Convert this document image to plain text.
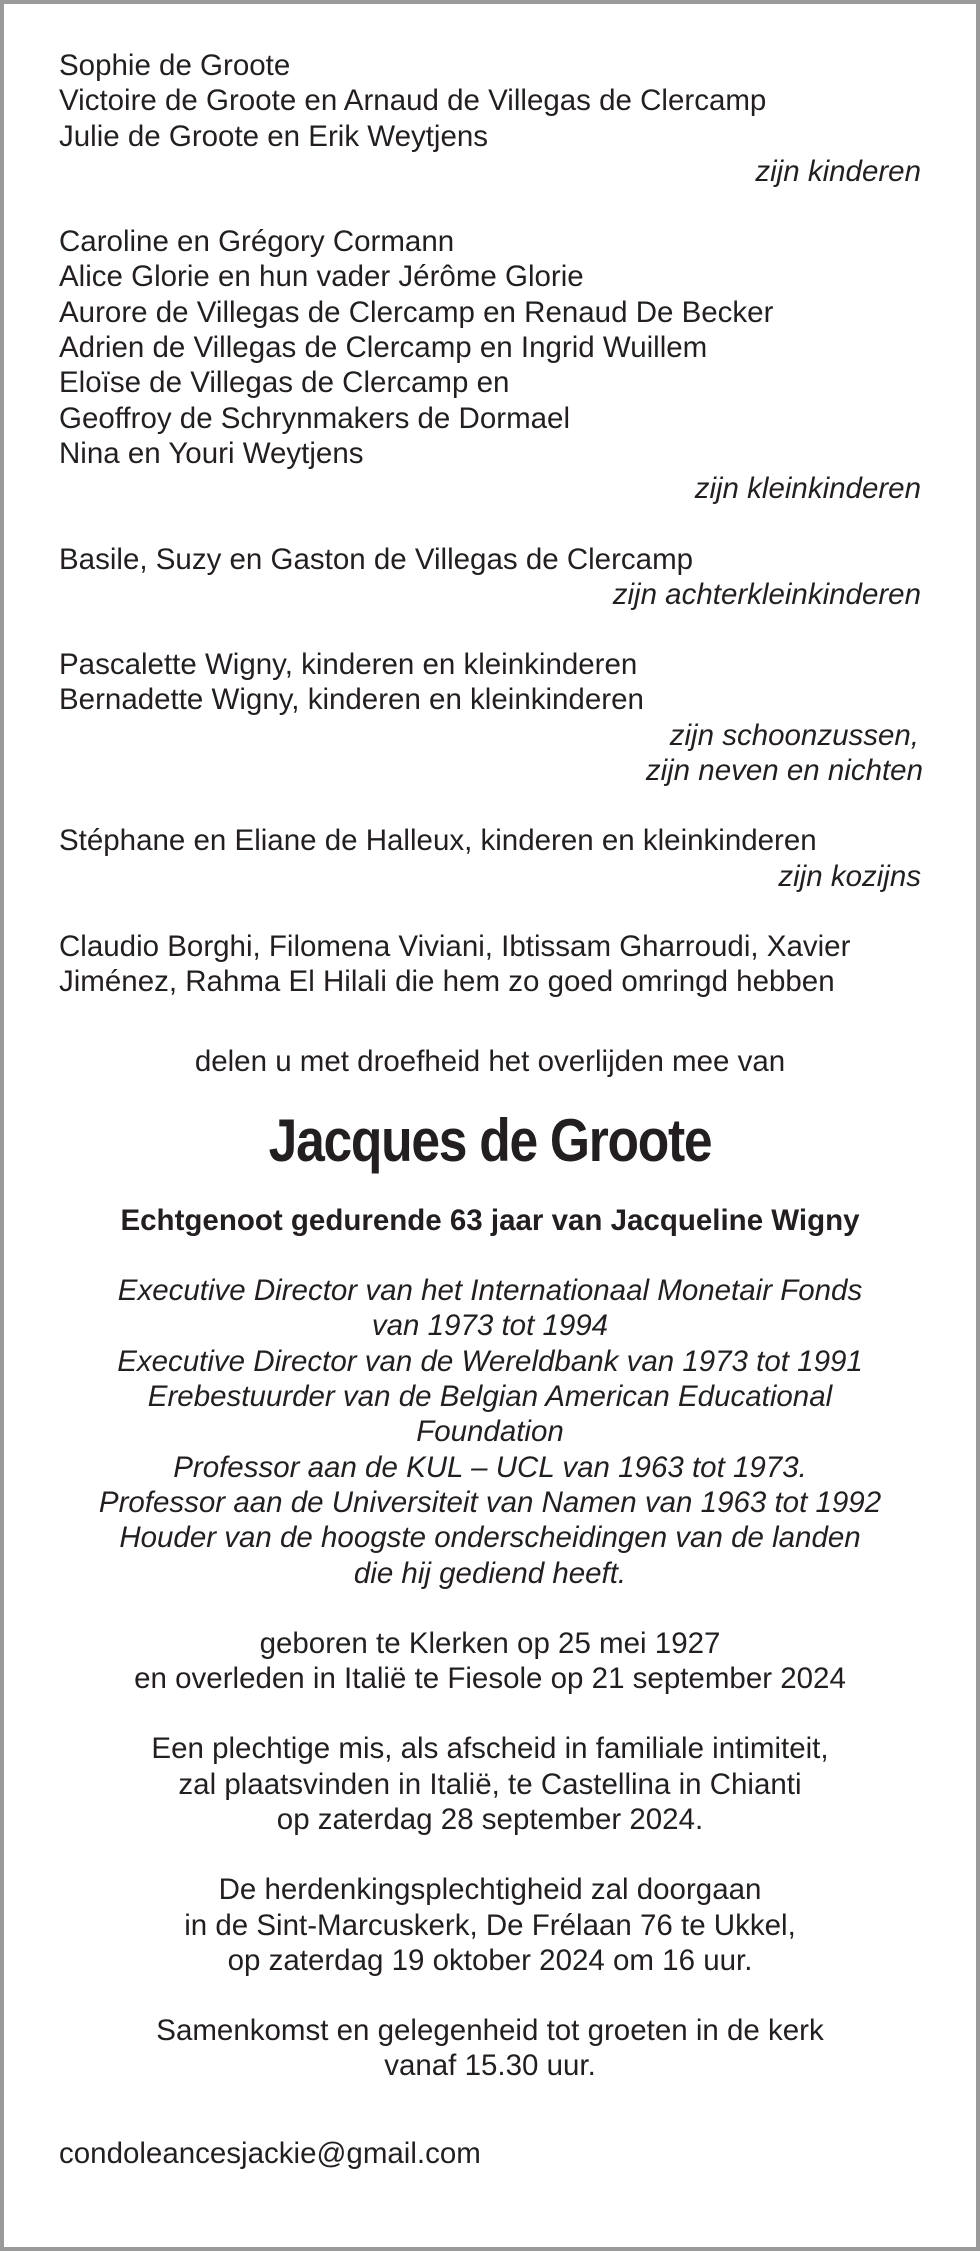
Sophie de Groote
Victoire de Groote en Arnaud de Villegas de Clercamp
Julie de Groote en Erik Weytjens
zijn kinderen
Caroline en Grégory Cormann
Alice Glorie en hun vader Jérôme Glorie
Aurore de Villegas de Clercamp en Renaud De Becker
Adrien de Villegas de Clercamp en Ingrid Wuillem
Eloïse de Villegas de Clercamp en
Geoffroy de Schrynmakers de Dormael
Nina en Youri Weytjens
zijn kleinkinderen
Basile, Suzy en Gaston de Villegas de Clercamp
zijn achterkleinkinderen
Pascalette Wigny, kinderen en kleinkinderen
Bernadette Wigny, kinderen en kleinkinderen
zijn schoonzussen,
zijn neven en nichten
Stéphane en Eliane de Halleux, kinderen en kleinkinderen
zijn kozijns
Claudio Borghi, Filomena Viviani, Ibtissam Gharroudi, Xavier
Jiménez, Rahma El Hilali die hem zo goed omringd hebben
delen u met droefheid het overlijden mee van
Jacques de Groote
Echtgenoot gedurende 63 jaar van Jacqueline Wigny
Executive Director van het Internationaal Monetair Fonds
van 1973 tot 1994
Executive Director van de Wereldbank van 1973 tot 1991
Erebestuurder van de Belgian American Educational
Foundation
Professor aan de KUL – UCL van 1963 tot 1973.
Professor aan de Universiteit van Namen van 1963 tot 1992
Houder van de hoogste onderscheidingen van de landen
die hij gediend heeft.
geboren te Klerken op 25 mei 1927
en overleden in Italië te Fiesole op 21 september 2024
Een plechtige mis, als afscheid in familiale intimiteit,
zal plaatsvinden in Italië, te Castellina in Chianti
op zaterdag 28 september 2024.
De herdenkingsplechtigheid zal doorgaan
in de Sint-Marcuskerk, De Frélaan 76 te Ukkel,
op zaterdag 19 oktober 2024 om 16 uur.
Samenkomst en gelegenheid tot groeten in de kerk
vanaf 15.30 uur.
condoleancesjackie@gmail.com
